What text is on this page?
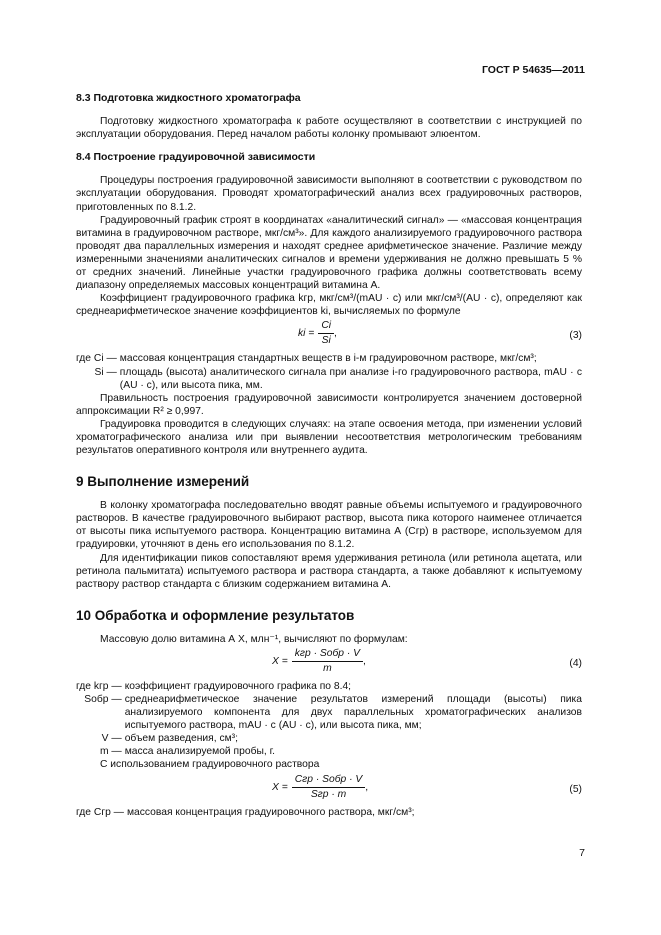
ГОСТ Р 54635—2011

8.3 Подготовка жидкостного хроматографа

Подготовку жидкостного хроматографа к работе осуществляют в соответствии с инструкцией по эксплуатации оборудования. Перед началом работы колонку промывают элюентом.

8.4 Построение градуировочной зависимости

Процедуры построения градуировочной зависимости выполняют в соответствии с руководством по эксплуатации оборудования. Проводят хроматографический анализ всех градуировочных растворов, приготовленных по 8.1.2.

Градуировочный график строят в координатах «аналитический сигнал» — «массовая концентрация витамина в градуировочном растворе, мкг/см³». Для каждого анализируемого градуировочного раствора проводят два параллельных измерения и находят среднее арифметическое значение. Различие между измеренными значениями аналитических сигналов и времени удерживания не должно превышать 5 % от средних значений. Линейные участки градуировочного графика должны соответствовать всему диапазону определяемых массовых концентраций витамина А.

Коэффициент градуировочного графика kгр, мкг/см³/(mAU · c) или мкг/см³/(AU · c), определяют как среднеарифметическое значение коэффициентов ki, вычисляемых по формуле

ki = $\frac{Ci}{Si}$ ,	(3)
где Ci — массовая концентрация стандартных веществ в i-м градуировочном растворе, мкг/см³;
Si — площадь (высота) аналитического сигнала при анализе i-го градуировочного раствора, mAU · c (AU · c), или высота пика, мм.

Правильность построения градуировочной зависимости контролируется значением достоверной аппроксимации R² ≥ 0,997.

Градуировка проводится в следующих случаях: на этапе освоения метода, при изменении условий хроматографического анализа или при выявлении несоответствия метрологическим требованиям результатов оперативного контроля или внутреннего аудита.

9 Выполнение измерений

В колонку хроматографа последовательно вводят равные объемы испытуемого и градуировочного растворов. В качестве градуировочного выбирают раствор, высота пика которого наименее отличается от высоты пика испытуемого раствора. Концентрацию витамина А (Cгр) в растворе, используемом для градуировки, уточняют в день его использования по 8.1.2.

Для идентификации пиков сопоставляют время удерживания ретинола (или ретинола ацетата, или ретинола пальмитата) испытуемого раствора и раствора стандарта, а также добавляют к испытуемому раствору раствор стандарта с близким содержанием витамина А.

10 Обработка и оформление результатов

Массовую долю витамина А X, млн⁻¹, вычисляют по формулам:

$X = \frac{\text{kгр · Sобр · V}}{m}$ ,	(4)
где kгр — коэффициент градуировочного графика по 8.4;
Sобр — среднеарифметическое значение результатов измерений площади (высоты) пика анализируемого компонента для двух параллельных хроматографических анализов испытуемого раствора, mAU · c (AU · c), или высота пика, мм;
V — объем разведения, см³;
m — масса анализируемой пробы, г.

С использованием градуировочного раствора

$X = \frac{\text{Cгр · Sобр · V}}{\text{Sгр · m}}$ ,	(5)
где Cгр — массовая концентрация градуировочного раствора, мкг/см³;
7
